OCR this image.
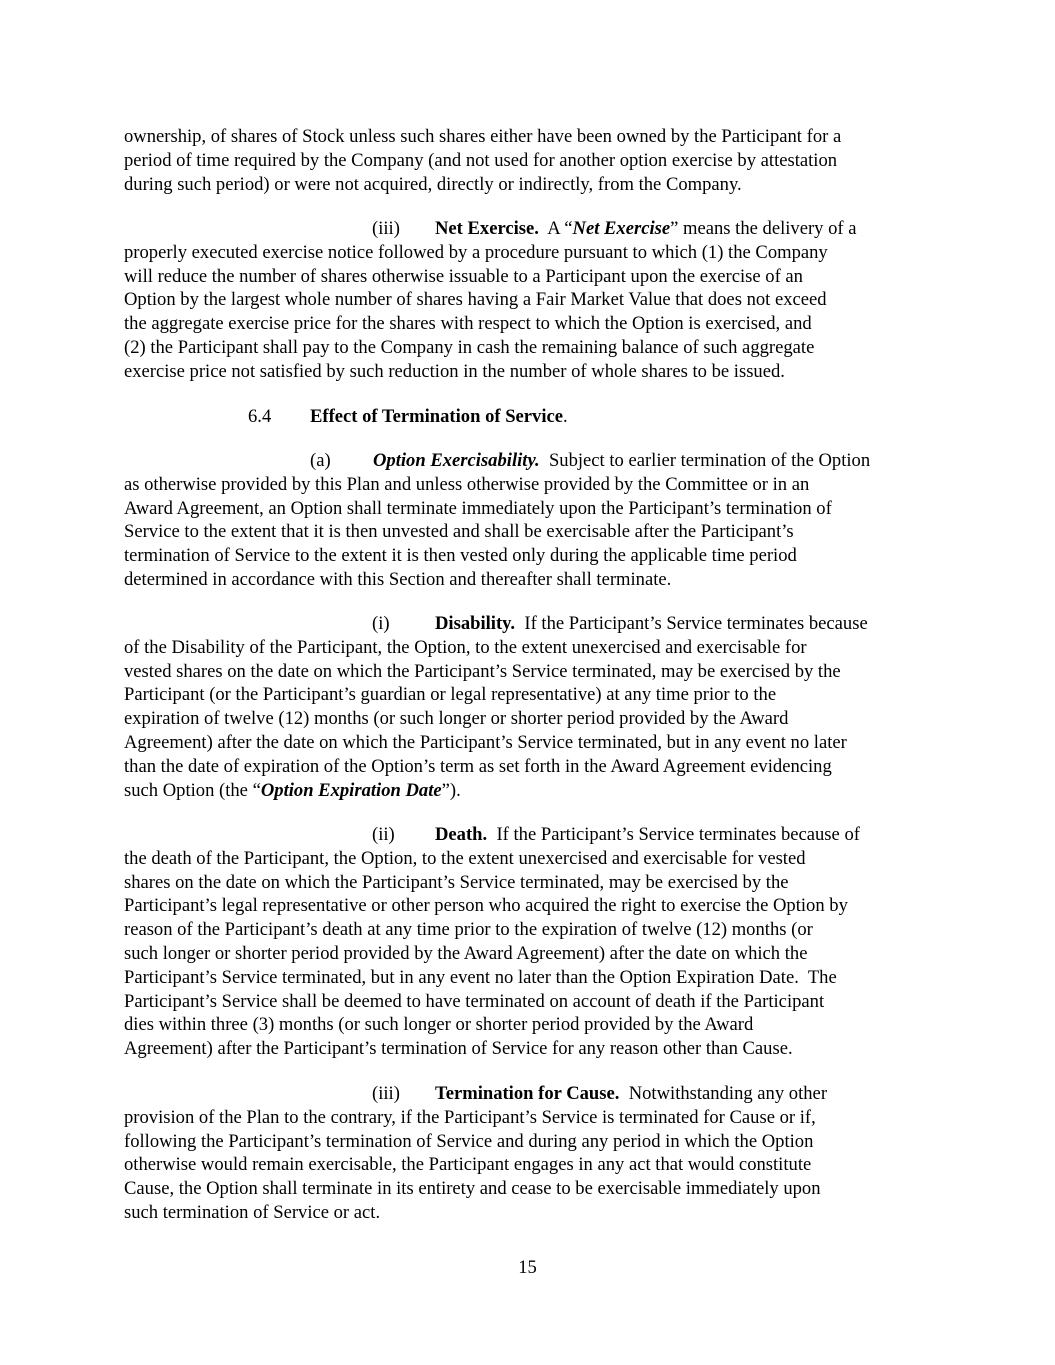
ownership, of shares of Stock unless such shares either have been owned by the Participant for a
period of time required by the Company (and not used for another option exercise by attestation
during such period) or were not acquired, directly or indirectly, from the Company.
(iii) Net Exercise.  A “Net Exercise” means the delivery of a
properly executed exercise notice followed by a procedure pursuant to which (1) the Company
will reduce the number of shares otherwise issuable to a Participant upon the exercise of an
Option by the largest whole number of shares having a Fair Market Value that does not exceed
the aggregate exercise price for the shares with respect to which the Option is exercised, and
(2) the Participant shall pay to the Company in cash the remaining balance of such aggregate
exercise price not satisfied by such reduction in the number of whole shares to be issued.
6.4 Effect of Termination of Service.
(a) Option Exercisability.  Subject to earlier termination of the Option
as otherwise provided by this Plan and unless otherwise provided by the Committee or in an
Award Agreement, an Option shall terminate immediately upon the Participant’s termination of
Service to the extent that it is then unvested and shall be exercisable after the Participant’s
termination of Service to the extent it is then vested only during the applicable time period
determined in accordance with this Section and thereafter shall terminate.
(i) Disability.  If the Participant’s Service terminates because
of the Disability of the Participant, the Option, to the extent unexercised and exercisable for
vested shares on the date on which the Participant’s Service terminated, may be exercised by the
Participant (or the Participant’s guardian or legal representative) at any time prior to the
expiration of twelve (12) months (or such longer or shorter period provided by the Award
Agreement) after the date on which the Participant’s Service terminated, but in any event no later
than the date of expiration of the Option’s term as set forth in the Award Agreement evidencing
such Option (the “Option Expiration Date”).
(ii) Death.  If the Participant’s Service terminates because of
the death of the Participant, the Option, to the extent unexercised and exercisable for vested
shares on the date on which the Participant’s Service terminated, may be exercised by the
Participant’s legal representative or other person who acquired the right to exercise the Option by
reason of the Participant’s death at any time prior to the expiration of twelve (12) months (or
such longer or shorter period provided by the Award Agreement) after the date on which the
Participant’s Service terminated, but in any event no later than the Option Expiration Date.  The
Participant’s Service shall be deemed to have terminated on account of death if the Participant
dies within three (3) months (or such longer or shorter period provided by the Award
Agreement) after the Participant’s termination of Service for any reason other than Cause.
(iii) Termination for Cause.  Notwithstanding any other
provision of the Plan to the contrary, if the Participant’s Service is terminated for Cause or if,
following the Participant’s termination of Service and during any period in which the Option
otherwise would remain exercisable, the Participant engages in any act that would constitute
Cause, the Option shall terminate in its entirety and cease to be exercisable immediately upon
such termination of Service or act.
15
